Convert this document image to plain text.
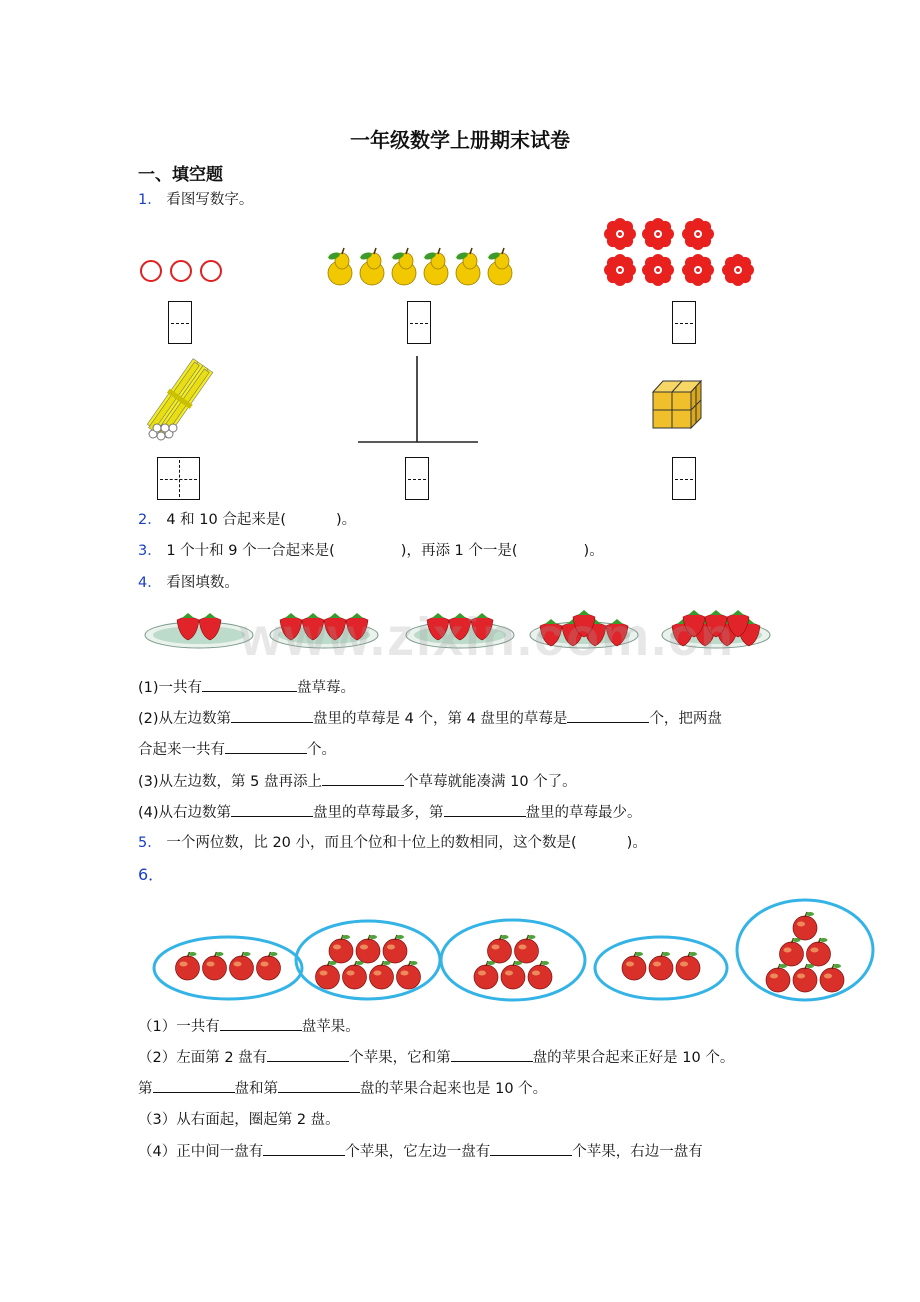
一年级数学上册期末试卷
一、填空题
1． 看图写数字。
2． 4 和 10 合起来是(	)。
3． 1 个十和 9 个一合起来是(	)，再添 1 个一是(	)。
4． 看图填数。
www.zixin.com.cn
(1)一共有	盘草莓。
(2)从左边数第	盘里的草莓是 4 个，第 4 盘里的草莓是	个，把两盘
合起来一共有	个。
(3)从左边数，第 5 盘再添上	个草莓就能凑满 10 个了。
(4)从右边数第	盘里的草莓最多，第	盘里的草莓最少。
5． 一个两位数，比 20 小，而且个位和十位上的数相同，这个数是(	)。
6．
（1）一共有	盘苹果。
（2）左面第 2 盘有	个苹果，它和第	盘的苹果合起来正好是 10 个。
第	盘和第	盘的苹果合起来也是 10 个。
（3）从右面起，圈起第 2 盘。
（4）正中间一盘有	个苹果，它左边一盘有	个苹果，右边一盘有
